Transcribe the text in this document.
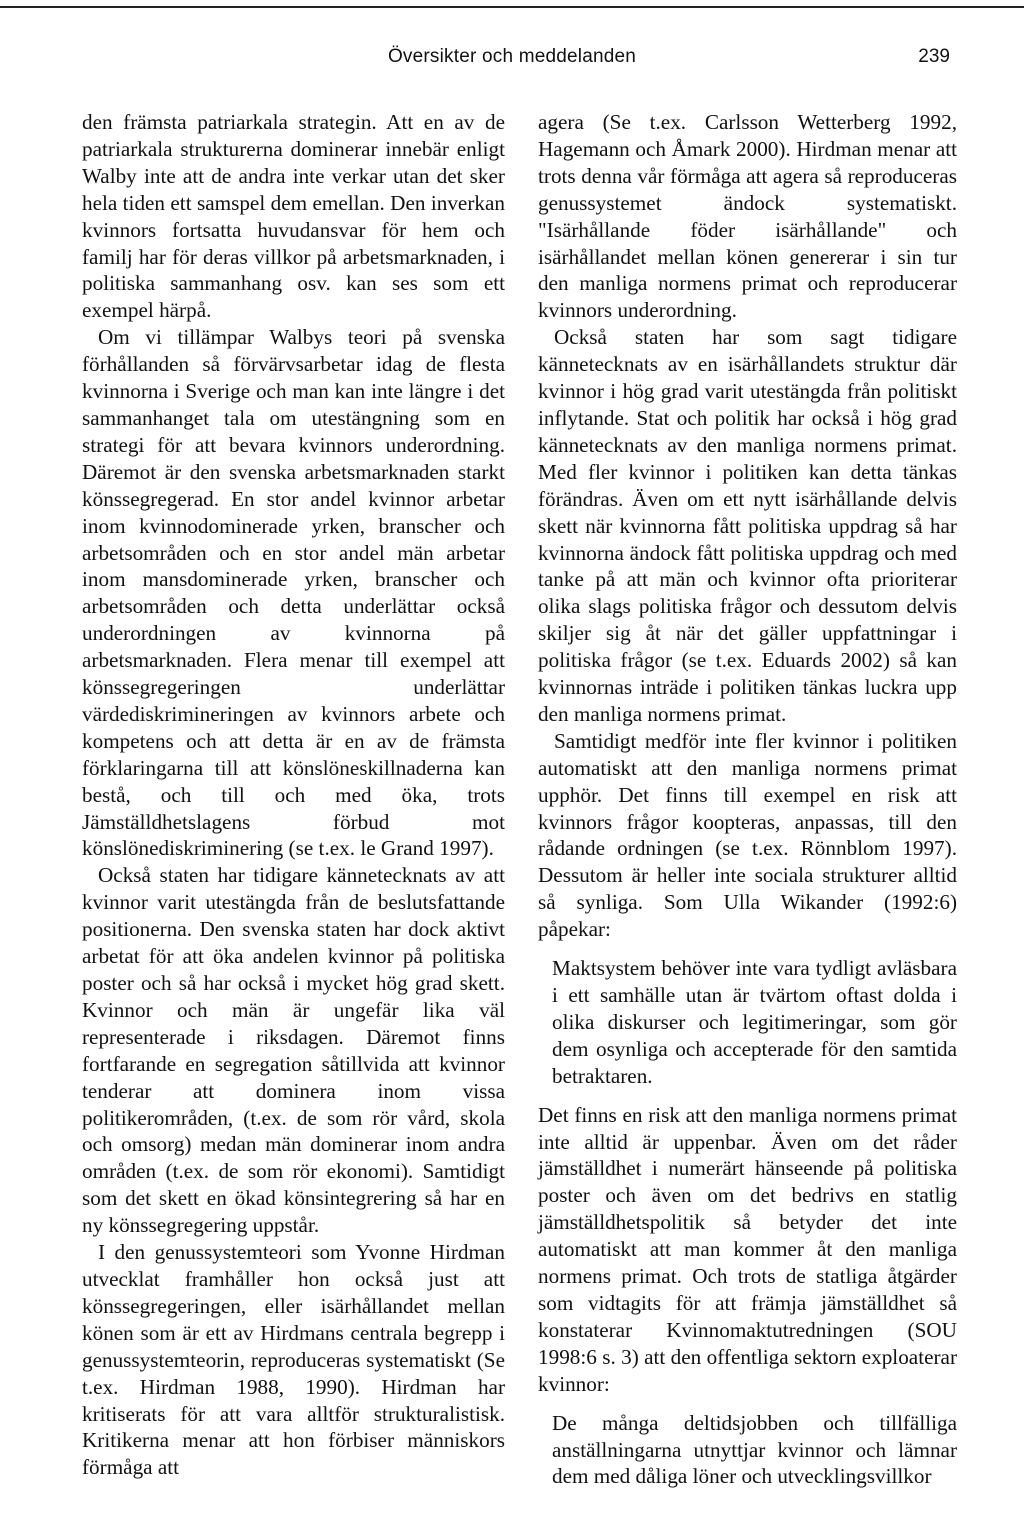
Översikter och meddelanden	239

den främsta patriarkala strategin. Att en av de patriarkala strukturerna dominerar innebär enligt Walby inte att de andra inte verkar utan det sker hela tiden ett samspel dem emellan. Den inverkan kvinnors fortsatta huvudansvar för hem och familj har för deras villkor på arbetsmarknaden, i politiska sammanhang osv. kan ses som ett exempel härpå.

Om vi tillämpar Walbys teori på svenska förhållanden så förvärvsarbetar idag de flesta kvinnorna i Sverige och man kan inte längre i det sammanhanget tala om utestängning som en strategi för att bevara kvinnors underordning. Däremot är den svenska arbetsmarknaden starkt könssegregerad. En stor andel kvinnor arbetar inom kvinnodominerade yrken, branscher och arbetsområden och en stor andel män arbetar inom mansdominerade yrken, branscher och arbetsområden och detta underlättar också underordningen av kvinnorna på arbetsmarknaden. Flera menar till exempel att könssegregeringen underlättar värdediskrimineringen av kvinnors arbete och kompetens och att detta är en av de främsta förklaringarna till att könslöneskillnaderna kan bestå, och till och med öka, trots Jämställdhetslagens förbud mot könslönediskriminering (se t.ex. le Grand 1997).

Också staten har tidigare kännetecknats av att kvinnor varit utestängda från de beslutsfattande positionerna. Den svenska staten har dock aktivt arbetat för att öka andelen kvinnor på politiska poster och så har också i mycket hög grad skett. Kvinnor och män är ungefär lika väl representerade i riksdagen. Däremot finns fortfarande en segregation såtillvida att kvinnor tenderar att dominera inom vissa politikerområden, (t.ex. de som rör vård, skola och omsorg) medan män dominerar inom andra områden (t.ex. de som rör ekonomi). Samtidigt som det skett en ökad könsintegrering så har en ny könssegregering uppstår.

I den genussystemteori som Yvonne Hirdman utvecklat framhåller hon också just att könssegregeringen, eller isärhållandet mellan könen som är ett av Hirdmans centrala begrepp i genussystemteorin, reproduceras systematiskt (Se t.ex. Hirdman 1988, 1990). Hirdman har kritiserats för att vara alltför strukturalistisk. Kritikerna menar att hon förbiser människors förmåga att

agera (Se t.ex. Carlsson Wetterberg 1992, Hagemann och Åmark 2000). Hirdman menar att trots denna vår förmåga att agera så reproduceras genussystemet ändock systematiskt. "Isärhållande föder isärhållande" och isärhållandet mellan könen genererar i sin tur den manliga normens primat och reproducerar kvinnors underordning.

Också staten har som sagt tidigare kännetecknats av en isärhållandets struktur där kvinnor i hög grad varit utestängda från politiskt inflytande. Stat och politik har också i hög grad kännetecknats av den manliga normens primat. Med fler kvinnor i politiken kan detta tänkas förändras. Även om ett nytt isärhållande delvis skett när kvinnorna fått politiska uppdrag så har kvinnorna ändock fått politiska uppdrag och med tanke på att män och kvinnor ofta prioriterar olika slags politiska frågor och dessutom delvis skiljer sig åt när det gäller uppfattningar i politiska frågor (se t.ex. Eduards 2002) så kan kvinnornas inträde i politiken tänkas luckra upp den manliga normens primat.

Samtidigt medför inte fler kvinnor i politiken automatiskt att den manliga normens primat upphör. Det finns till exempel en risk att kvinnors frågor koopteras, anpassas, till den rådande ordningen (se t.ex. Rönnblom 1997). Dessutom är heller inte sociala strukturer alltid så synliga. Som Ulla Wikander (1992:6) påpekar:

Maktsystem behöver inte vara tydligt avläsbara i ett samhälle utan är tvärtom oftast dolda i olika diskurser och legitimeringar, som gör dem osynliga och accepterade för den samtida betraktaren.

Det finns en risk att den manliga normens primat inte alltid är uppenbar. Även om det råder jämställdhet i numerärt hänseende på politiska poster och även om det bedrivs en statlig jämställdhetspolitik så betyder det inte automatiskt att man kommer åt den manliga normens primat. Och trots de statliga åtgärder som vidtagits för att främja jämställdhet så konstaterar Kvinnomaktutredningen (SOU 1998:6 s. 3) att den offentliga sektorn exploaterar kvinnor:

De många deltidsjobben och tillfälliga anställningarna utnyttjar kvinnor och lämnar dem med dåliga löner och utvecklingsvillkor
